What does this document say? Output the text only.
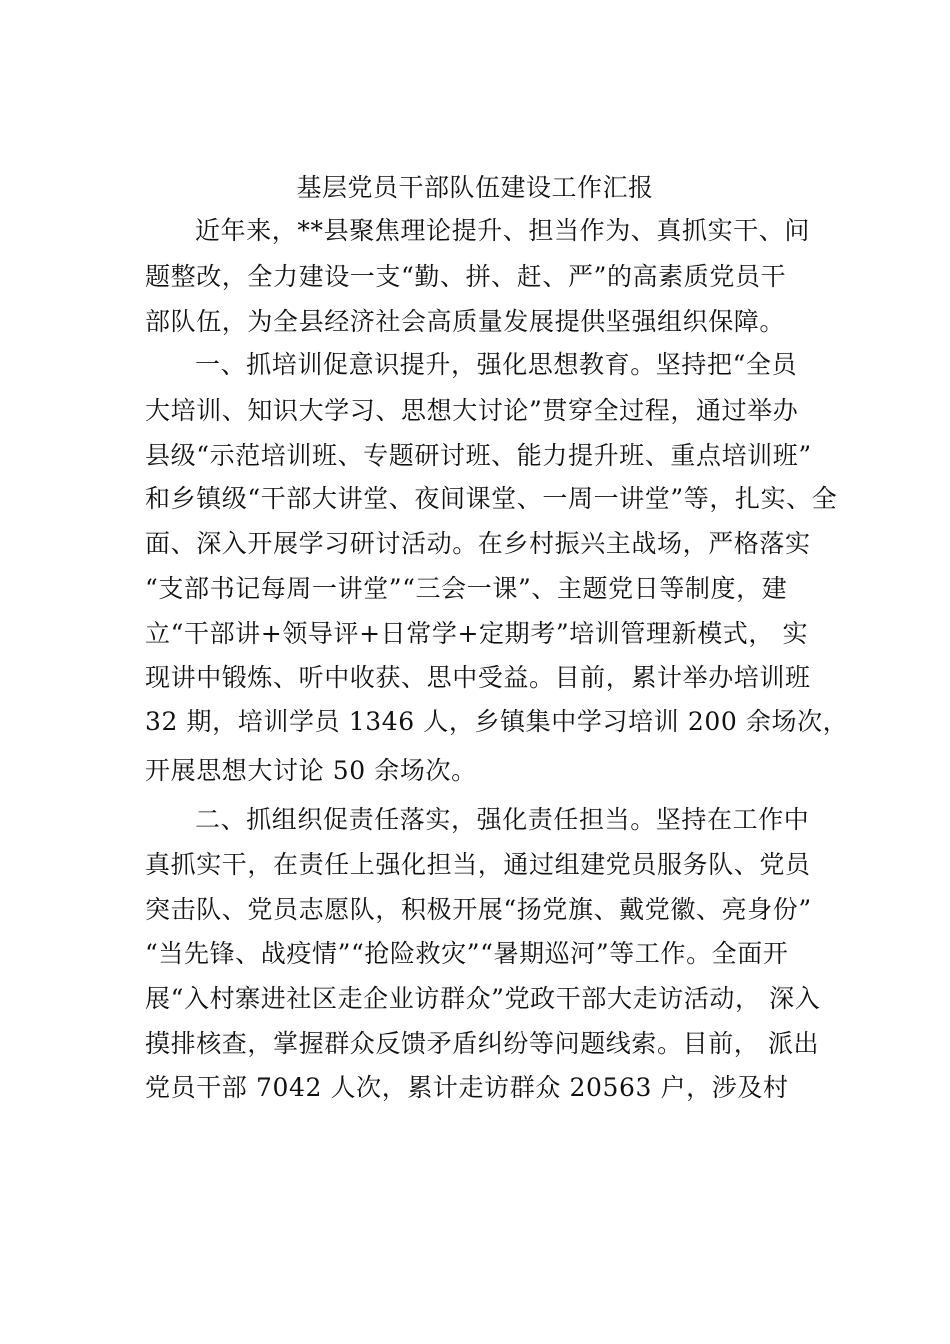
基层党员干部队伍建设工作汇报
近年来，**县聚焦理论提升、担当作为、真抓实干、问
题整改，全力建设一支“勤、拼、赶、严”的高素质党员干
部队伍，为全县经济社会高质量发展提供坚强组织保障。
一、抓培训促意识提升，强化思想教育。坚持把“全员
大培训、知识大学习、思想大讨论”贯穿全过程，通过举办
县级“示范培训班、专题研讨班、能力提升班、重点培训班”
和乡镇级“干部大讲堂、夜间课堂、一周一讲堂”等，扎实、全
面、深入开展学习研讨活动。在乡村振兴主战场，严格落实
“支部书记每周一讲堂”“三会一课”、主题党日等制度，建
立“干部讲+领导评+日常学+定期考”培训管理新模式， 实
现讲中锻炼、听中收获、思中受益。目前，累计举办培训班
32 期，培训学员 1346 人，乡镇集中学习培训 200 余场次，
开展思想大讨论 50 余场次。
二、抓组织促责任落实，强化责任担当。坚持在工作中
真抓实干，在责任上强化担当，通过组建党员服务队、党员
突击队、党员志愿队，积极开展“扬党旗、戴党徽、亮身份”
“当先锋、战疫情”“抢险救灾”“暑期巡河”等工作。全面开
展“入村寨进社区走企业访群众”党政干部大走访活动， 深入
摸排核查，掌握群众反馈矛盾纠纷等问题线索。目前， 派出
党员干部 7042 人次，累计走访群众 20563 户，涉及村
